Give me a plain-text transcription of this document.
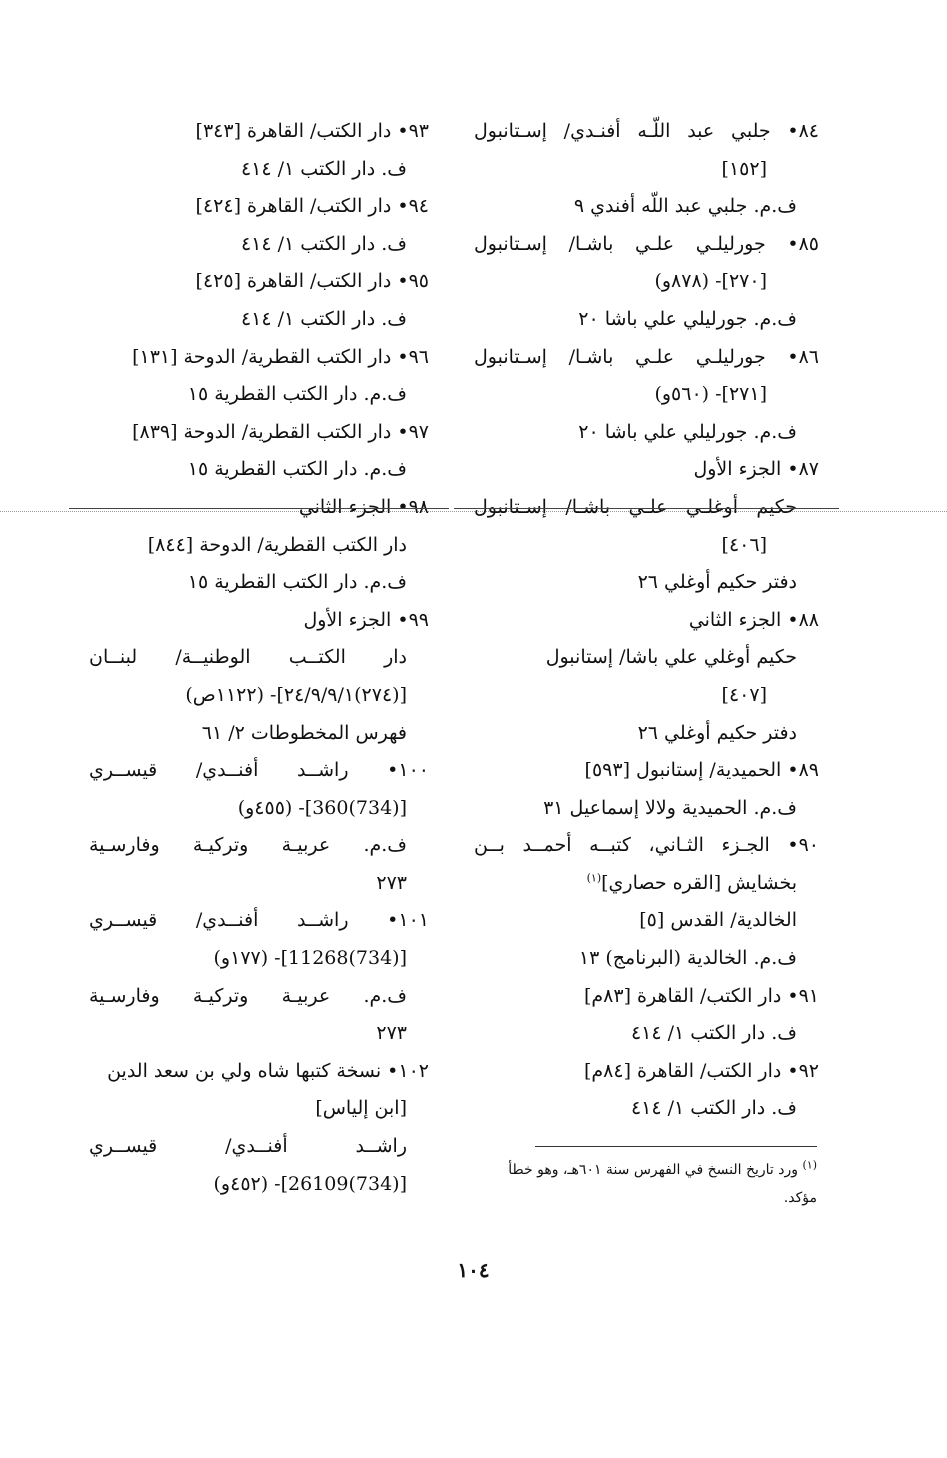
٨٤• جلبي عبد اللّـه أفنـدي/ إسـتانبول
[١٥٢]
ف.م. جلبي عبد اللّه أفندي ٩
٨٥• جورليلـي علـي باشـا/ إسـتانبول
[٢٧٠]- (٨٧٨و)
ف.م. جورليلي علي باشا ٢٠
٨٦• جورليلـي علـي باشـا/ إسـتانبول
[٢٧١]- (٥٦٠و)
ف.م. جورليلي علي باشا ٢٠
٨٧• الجزء الأول
حكيم أوغلـي علـي باشـا/ إسـتانبول
[٤٠٦]
دفتر حكيم أوغلي ٢٦
٨٨• الجزء الثاني
حكيم أوغلي علي باشا/ إستانبول
[٤٠٧]
دفتر حكيم أوغلي ٢٦
٨٩• الحميدية/ إستانبول [٥٩٣]
ف.م. الحميدية ولالا إسماعيل ٣١
٩٠• الجـزء الثـاني، كتبــه أحمــد بــن
بخشايش [القره حصاري]$^{(١)}$
الخالدية/ القدس [٥]
ف.م. الخالدية (البرنامج) ١٣
٩١• دار الكتب/ القاهرة [٨٣م]
ف. دار الكتب ١/ ٤١٤
٩٢• دار الكتب/ القاهرة [٨٤م]
ف. دار الكتب ١/ ٤١٤
٩٣• دار الكتب/ القاهرة [٣٤٣]
ف. دار الكتب ١/ ٤١٤
٩٤• دار الكتب/ القاهرة [٤٢٤]
ف. دار الكتب ١/ ٤١٤
٩٥• دار الكتب/ القاهرة [٤٢٥]
ف. دار الكتب ١/ ٤١٤
٩٦• دار الكتب القطرية/ الدوحة [١٣١]
ف.م. دار الكتب القطرية ١٥
٩٧• دار الكتب القطرية/ الدوحة [٨٣٩]
ف.م. دار الكتب القطرية ١٥
٩٨• الجزء الثاني
دار الكتب القطرية/ الدوحة [٨٤٤]
ف.م. دار الكتب القطرية ١٥
٩٩• الجزء الأول
دار الكتــب الوطنيــة/ لبنــان
[(٢٧٤)٢٤/٩/٩/١]- (١١٢٢ص)
فهرس المخطوطات ٢/ ٦١
١٠٠• راشــد أفنــدي/ قيســري
[(734)360]- (٤٥٥و)
ف.م. عربيـة وتركيـة وفارسـية
٢٧٣
١٠١• راشــد أفنــدي/ قيســري
[(734)11268]- (١٧٧و)
ف.م. عربيـة وتركيـة وفارسـية
٢٧٣
١٠٢• نسخة كتبها شاه ولي بن سعد الدين
[ابن إلياس]
راشــد أفنــدي/ قيســري
[(734)26109]- (٤٥٢و)
$^{(١)}$ ورد تاريخ النسخ في الفهرس سنة ٦٠١هـ، وهو خطأ مؤكد.
١٠٤
